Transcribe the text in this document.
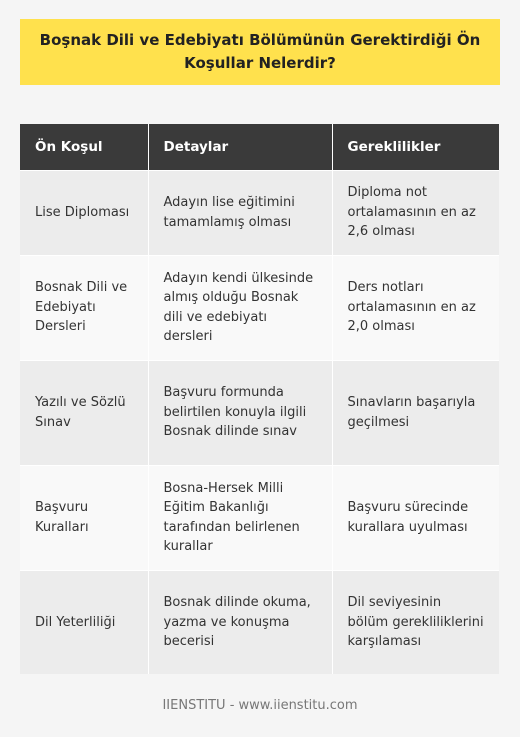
Boşnak Dili ve Edebiyatı Bölümünün Gerektirdiği Ön Koşullar Nelerdir?
Ön Koşul	Detaylar	Gereklilikler
Lise Diploması	Adayın lise eğitimini tamamlamış olması	Diploma not ortalamasının en az 2,6 olması
Bosnak Dili ve Edebiyatı Dersleri	Adayın kendi ülkesinde almış olduğu Bosnak dili ve edebiyatı dersleri	Ders notları ortalamasının en az 2,0 olması
Yazılı ve Sözlü Sınav	Başvuru formunda belirtilen konuyla ilgili Bosnak dilinde sınav	Sınavların başarıyla geçilmesi
Başvuru Kuralları	Bosna-Hersek Milli Eğitim Bakanlığı tarafından belirlenen kurallar	Başvuru sürecinde kurallara uyulması
Dil Yeterliliği	Bosnak dilinde okuma, yazma ve konuşma becerisi	Dil seviyesinin bölüm gerekliliklerini karşılaması
IIENSTITU - www.iienstitu.com
